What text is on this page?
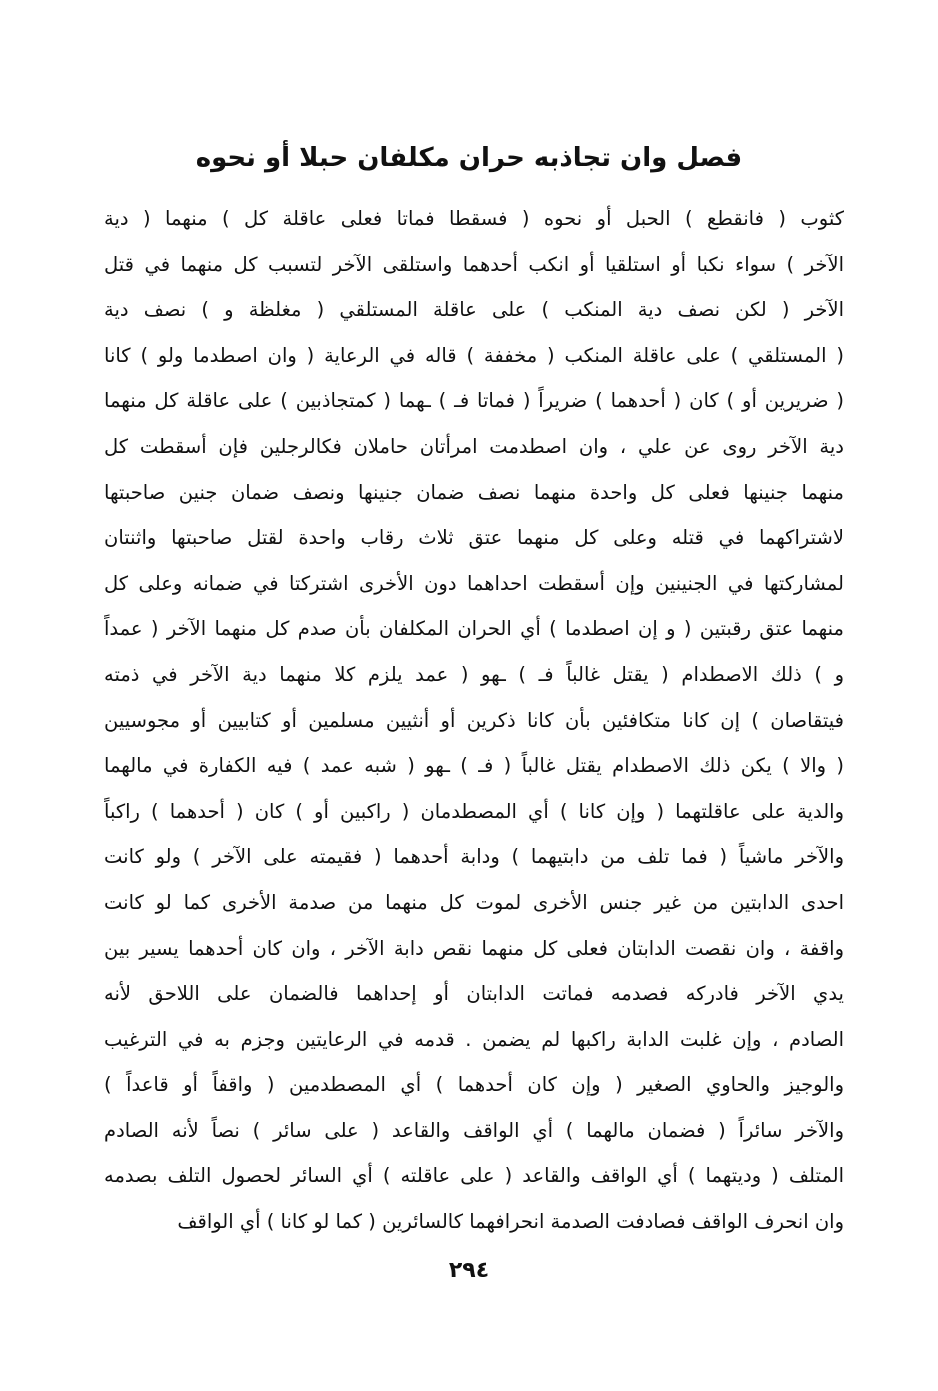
فصل وان تجاذبه حران مكلفان حبلا أو نحوه
كثوب ( فانقطع ) الحبل أو نحوه ( فسقطا فماتا فعلى عاقلة كل ) منهما ( دية
الآخر ) سواء نكبا أو استلقيا أو انكب أحدهما واستلقى الآخر لتسبب كل منهما في قتل
الآخر ( لكن نصف دية المنكب ) على عاقلة المستلقي ( مغلظة و ) نصف دية
( المستلقي ) على عاقلة المنكب ( مخففة ) قاله في الرعاية ( وان اصطدما ولو ) كانا
( ضريرين أو ) كان ( أحدهما ) ضريراً ( فماتا فـ ) ـهما ( كمتجاذبين ) على عاقلة كل منهما
دية الآخر روى عن علي ، وان اصطدمت امرأتان حاملان فكالرجلين فإن أسقطت كل
منهما جنينها فعلى كل واحدة منهما نصف ضمان جنينها ونصف ضمان جنين صاحبتها
لاشتراكهما في قتله وعلى كل منهما عتق ثلاث رقاب واحدة لقتل صاحبتها واثنتان
لمشاركتها في الجنينين وإن أسقطت احداهما دون الأخرى اشتركتا في ضمانه وعلى كل
منهما عتق رقبتين ( و إن اصطدما ) أي الحران المكلفان بأن صدم كل منهما الآخر ( عمداً
و ) ذلك الاصطدام ( يقتل غالباً فـ ) ـهو ( عمد يلزم كلا منهما دية الآخر في ذمته
فيتقاصان ) إن كانا متكافئين بأن كانا ذكرين أو أنثيين مسلمين أو كتابيين أو مجوسيين
( والا ) يكن ذلك الاصطدام يقتل غالباً ( فـ ) ـهو ( شبه عمد ) فيه الكفارة في مالهما
والدية على عاقلتهما ( وإن كانا ) أي المصطدمان ( راكبين أو ) كان ( أحدهما ) راكباً
والآخر ماشياً ( فما تلف من دابتيهما ) ودابة أحدهما ( فقيمته على الآخر ) ولو كانت
احدى الدابتين من غير جنس الأخرى لموت كل منهما من صدمة الأخرى كما لو كانت
واقفة ، وان نقصت الدابتان فعلى كل منهما نقص دابة الآخر ، وان كان أحدهما يسير بين
يدي الآخر فادركه فصدمه فماتت الدابتان أو إحداهما فالضمان على اللاحق لأنه
الصادم ، وإن غلبت الدابة راكبها لم يضمن . قدمه في الرعايتين وجزم به في الترغيب
والوجيز والحاوي الصغير ( وإن كان أحدهما ) أي المصطدمين ( واقفاً أو قاعداً )
والآخر سائراً ( فضمان مالهما ) أي الواقف والقاعد ( على سائر ) نصاً لأنه الصادم
المتلف ( وديتهما ) أي الواقف والقاعد ( على عاقلته ) أي السائر لحصول التلف بصدمه
وان انحرف الواقف فصادفت الصدمة انحرافهما كالسائرين ( كما لو كانا ) أي الواقف
٢٩٤
